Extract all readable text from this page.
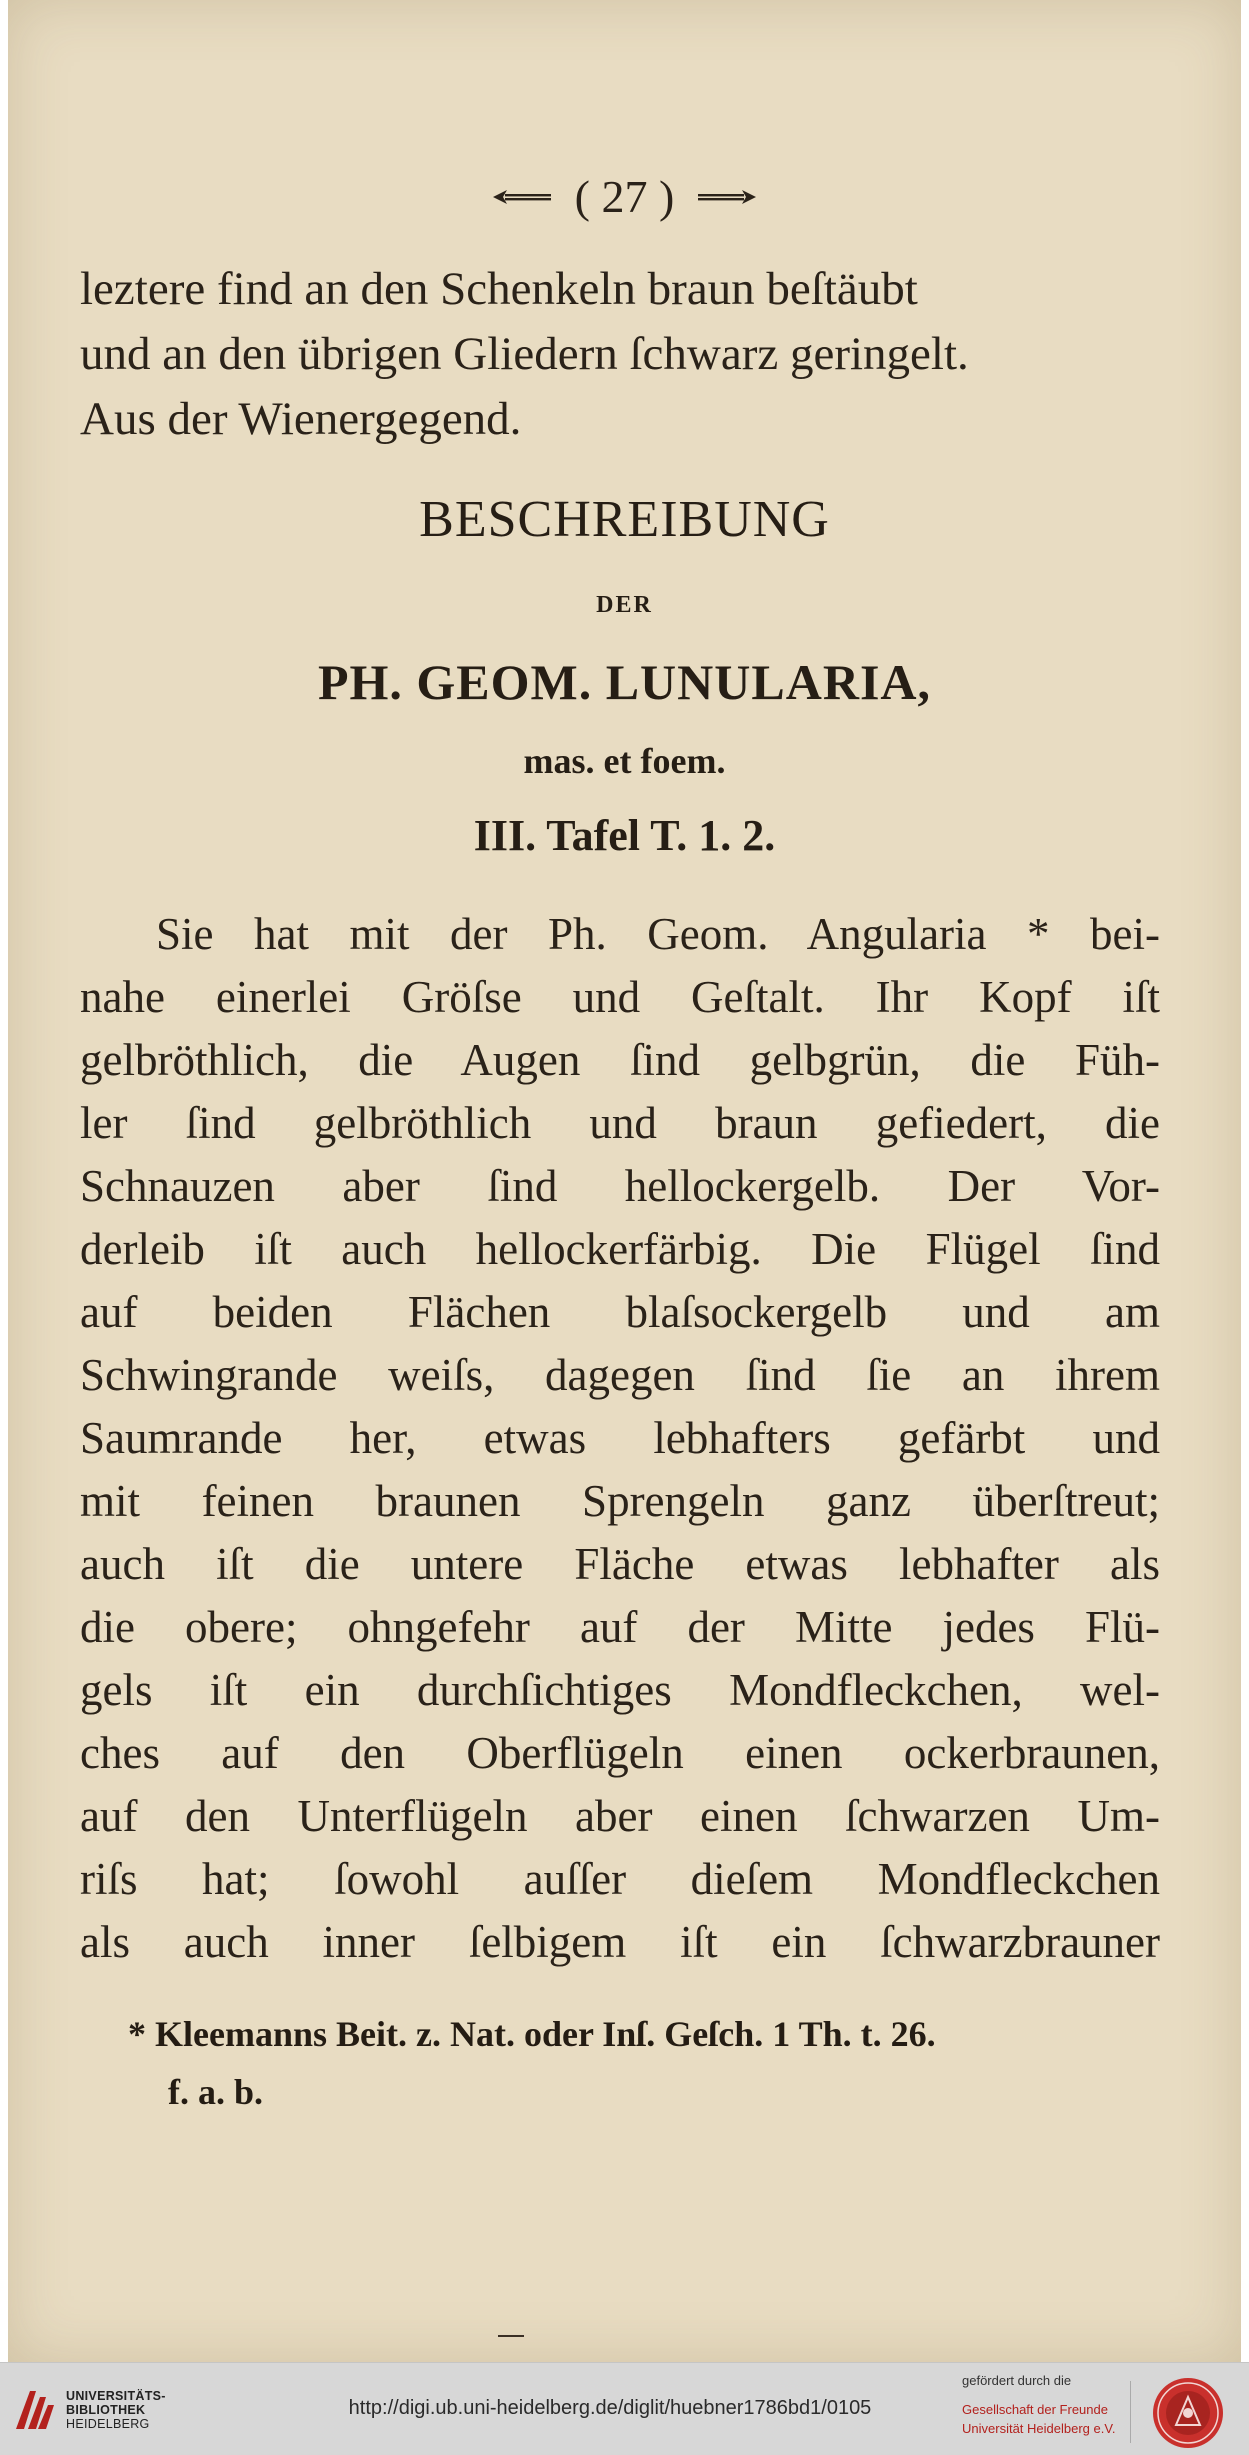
( 27 )
leztere find an den Schenkeln braun beſtäubt
und an den übrigen Gliedern ſchwarz geringelt.
Aus der Wienergegend.
BESCHREIBUNG
DER
PH. GEOM. LUNULARIA,
mas. et foem.
III. Tafel T. 1. 2.
Sie hat mit der Ph. Geom. Angularia * bei-
nahe einerlei Gröſse und Geſtalt. Ihr Kopf iſt
gelbröthlich, die Augen ſind gelbgrün, die Füh-
ler ſind gelbröthlich und braun gefiedert, die
Schnauzen aber ſind hellockergelb. Der Vor-
derleib iſt auch hellockerfärbig. Die Flügel ſind
auf beiden Flächen blaſsockergelb und am
Schwingrande weiſs, dagegen ſind ſie an ihrem
Saumrande her, etwas lebhafters gefärbt und
mit feinen braunen Sprengeln ganz überſtreut;
auch iſt die untere Fläche etwas lebhafter als
die obere; ohngefehr auf der Mitte jedes Flü-
gels iſt ein durchſichtiges Mondfleckchen, wel-
ches auf den Oberflügeln einen ockerbraunen,
auf den Unterflügeln aber einen ſchwarzen Um-
riſs hat; ſowohl auſſer dieſem Mondfleckchen
als auch inner ſelbigem iſt ein ſchwarzbrauner
* Kleemanns Beit. z. Nat. oder Inſ. Geſch. 1 Th. t. 26.
f. a. b.
UNIVERSITÄTS-
BIBLIOTHEK
HEIDELBERG
http://digi.ub.uni-heidelberg.de/diglit/huebner1786bd1/0105
gefördert durch die
Gesellschaft der Freunde
Universität Heidelberg e.V.
